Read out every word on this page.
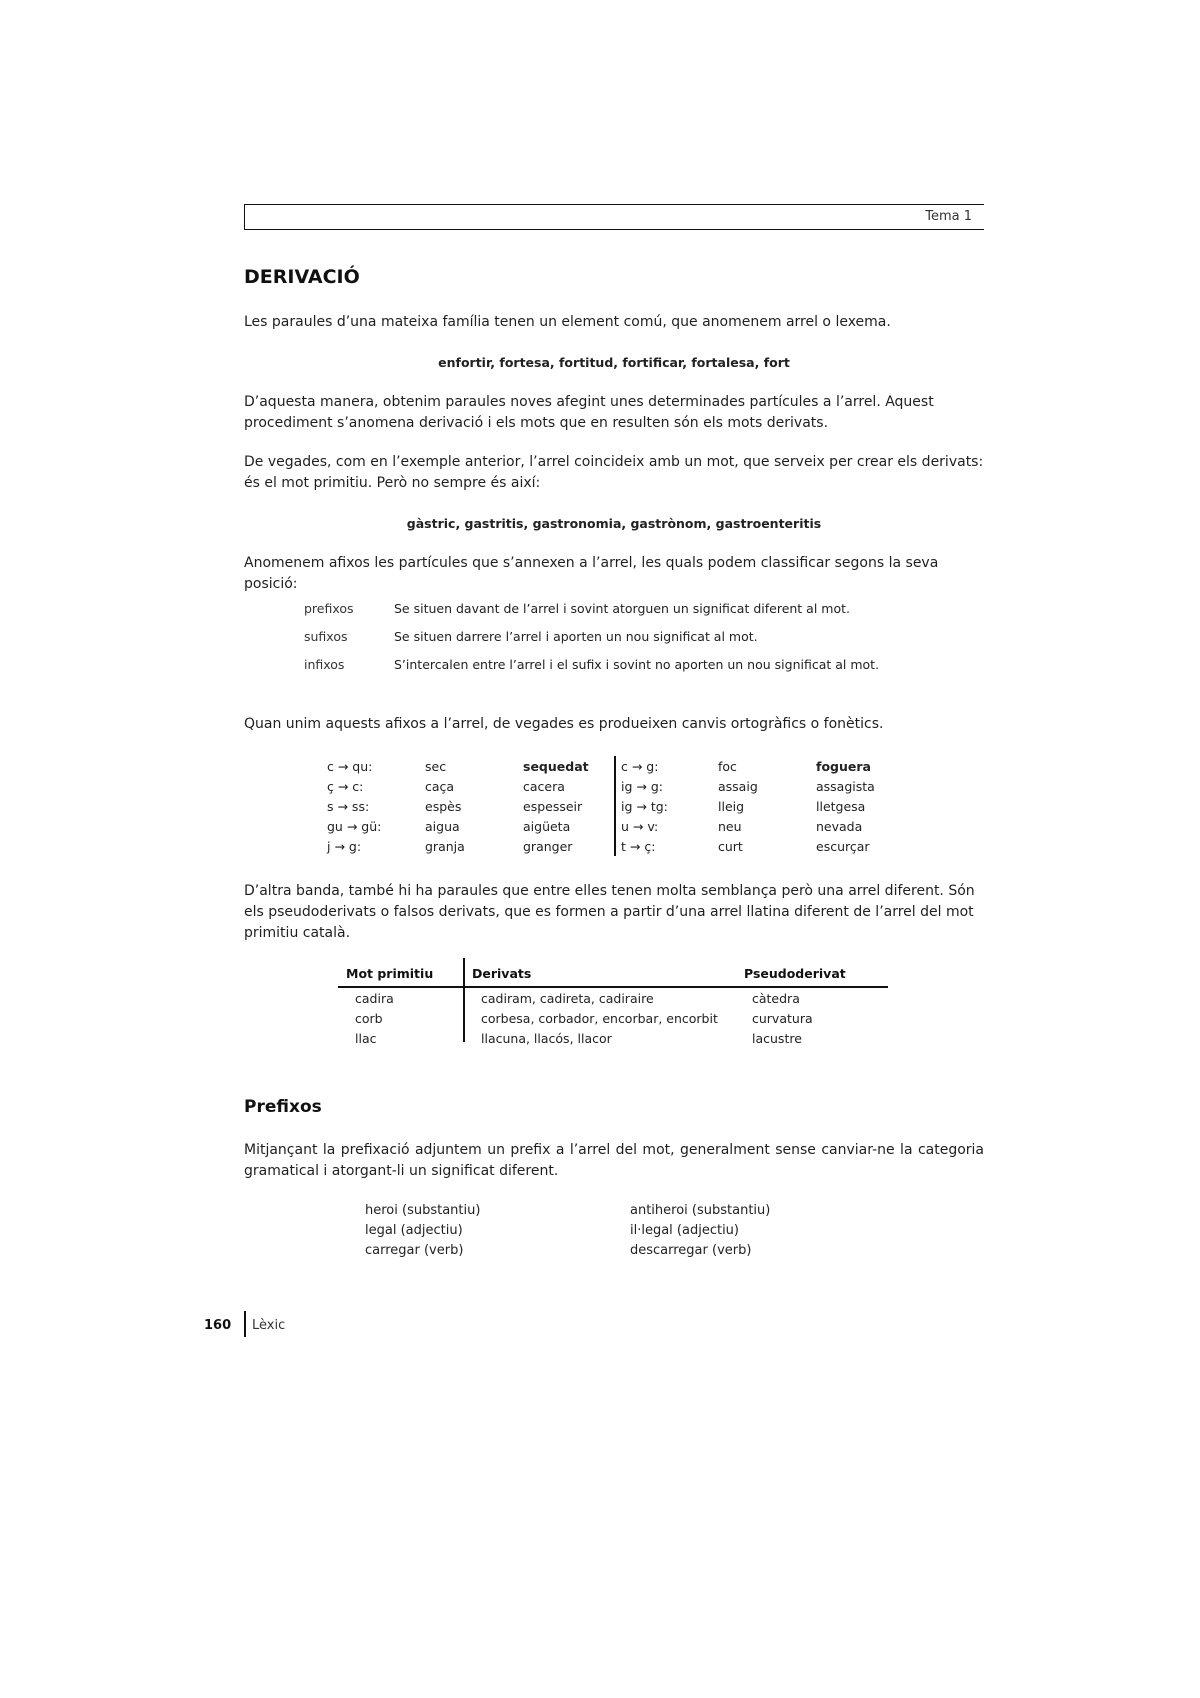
Tema 1
DERIVACIÓ
Les paraules d’una mateixa família tenen un element comú, que anomenem arrel o lexema.
enfortir, fortesa, fortitud, fortificar, fortalesa, fort
D’aquesta manera, obtenim paraules noves afegint unes determinades partícules a l’arrel. Aquest procediment s’anomena derivació i els mots que en resulten són els mots derivats.
De vegades, com en l’exemple anterior, l’arrel coincideix amb un mot, que serveix per crear els derivats: és el mot primitiu. Però no sempre és així:
gàstric, gastritis, gastronomia, gastrònom, gastroenteritis
Anomenem afixos les partícules que s’annexen a l’arrel, les quals podem classificar segons la seva posició:
prefixos	Se situen davant de l’arrel i sovint atorguen un significat diferent al mot.
sufixos	Se situen darrere l’arrel i aporten un nou significat al mot.
infixos	S’intercalen entre l’arrel i el sufix i sovint no aporten un nou significat al mot.
Quan unim aquests afixos a l’arrel, de vegades es produeixen canvis ortogràfics o fonètics.
c → qu:	sec	sequedat	c → g:	foc	foguera
ç → c:	caça	cacera	ig → g:	assaig	assagista
s → ss:	espès	espesseir	ig → tg:	lleig	lletgesa
gu → gü:	aigua	aigüeta	u → v:	neu	nevada
j → g:	granja	granger	t → ç:	curt	escurçar
D’altra banda, també hi ha paraules que entre elles tenen molta semblança però una arrel diferent. Són els pseudoderivats o falsos derivats, que es formen a partir d’una arrel llatina diferent de l’arrel del mot primitiu català.
Mot primitiu	Derivats	Pseudoderivat
cadira	cadiram, cadireta, cadiraire	càtedra
corb	corbesa, corbador, encorbar, encorbit	curvatura
llac	llacuna, llacós, llacor	lacustre
Prefixos
Mitjançant la prefixació adjuntem un prefix a l’arrel del mot, generalment sense canviar-ne la categoria gramatical i atorgant-li un significat diferent.
heroi (substantiu)	antiheroi (substantiu)
legal (adjectiu)	il·legal (adjectiu)
carregar (verb)	descarregar (verb)
160 Lèxic
